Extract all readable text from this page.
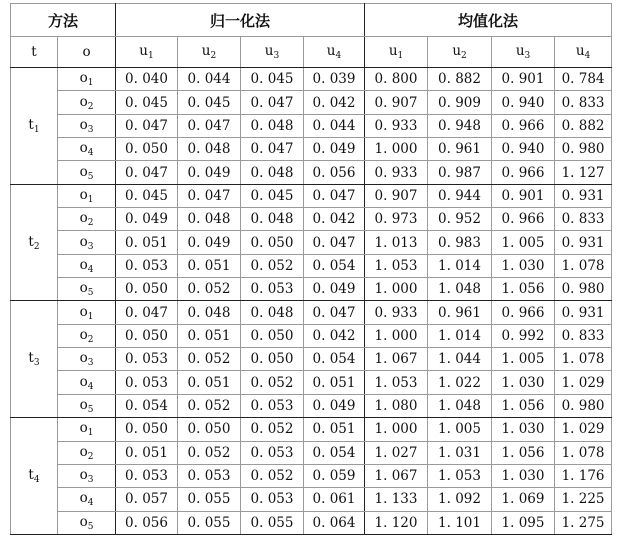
方法		归一化法				均值化法			
t	o	$u_1$	$u_2$	$u_3$	$u_4$	$u_1$	$u_2$	$u_3$	$u_4$
$t_1$	$o_1$	0. 040	0. 044	0. 045	0. 039	0. 800	0. 882	0. 901	0. 784
	$o_2$	0. 045	0. 045	0. 047	0. 042	0. 907	0. 909	0. 940	0. 833
	$o_3$	0. 047	0. 047	0. 048	0. 044	0. 933	0. 948	0. 966	0. 882
	$o_4$	0. 050	0. 048	0. 047	0. 049	1. 000	0. 961	0. 940	0. 980
	$o_5$	0. 047	0. 049	0. 048	0. 056	0. 933	0. 987	0. 966	1. 127
$t_2$	$o_1$	0. 045	0. 047	0. 045	0. 047	0. 907	0. 944	0. 901	0. 931
	$o_2$	0. 049	0. 048	0. 048	0. 042	0. 973	0. 952	0. 966	0. 833
	$o_3$	0. 051	0. 049	0. 050	0. 047	1. 013	0. 983	1. 005	0. 931
	$o_4$	0. 053	0. 051	0. 052	0. 054	1. 053	1. 014	1. 030	1. 078
	$o_5$	0. 050	0. 052	0. 053	0. 049	1. 000	1. 048	1. 056	0. 980
$t_3$	$o_1$	0. 047	0. 048	0. 048	0. 047	0. 933	0. 961	0. 966	0. 931
	$o_2$	0. 050	0. 051	0. 050	0. 042	1. 000	1. 014	0. 992	0. 833
	$o_3$	0. 053	0. 052	0. 050	0. 054	1. 067	1. 044	1. 005	1. 078
	$o_4$	0. 053	0. 051	0. 052	0. 051	1. 053	1. 022	1. 030	1. 029
	$o_5$	0. 054	0. 052	0. 053	0. 049	1. 080	1. 048	1. 056	0. 980
$t_4$	$o_1$	0. 050	0. 050	0. 052	0. 051	1. 000	1. 005	1. 030	1. 029
	$o_2$	0. 051	0. 052	0. 053	0. 054	1. 027	1. 031	1. 056	1. 078
	$o_3$	0. 053	0. 053	0. 052	0. 059	1. 067	1. 053	1. 030	1. 176
	$o_4$	0. 057	0. 055	0. 053	0. 061	1. 133	1. 092	1. 069	1. 225
	$o_5$	0. 056	0. 055	0. 055	0. 064	1. 120	1. 101	1. 095	1. 275
